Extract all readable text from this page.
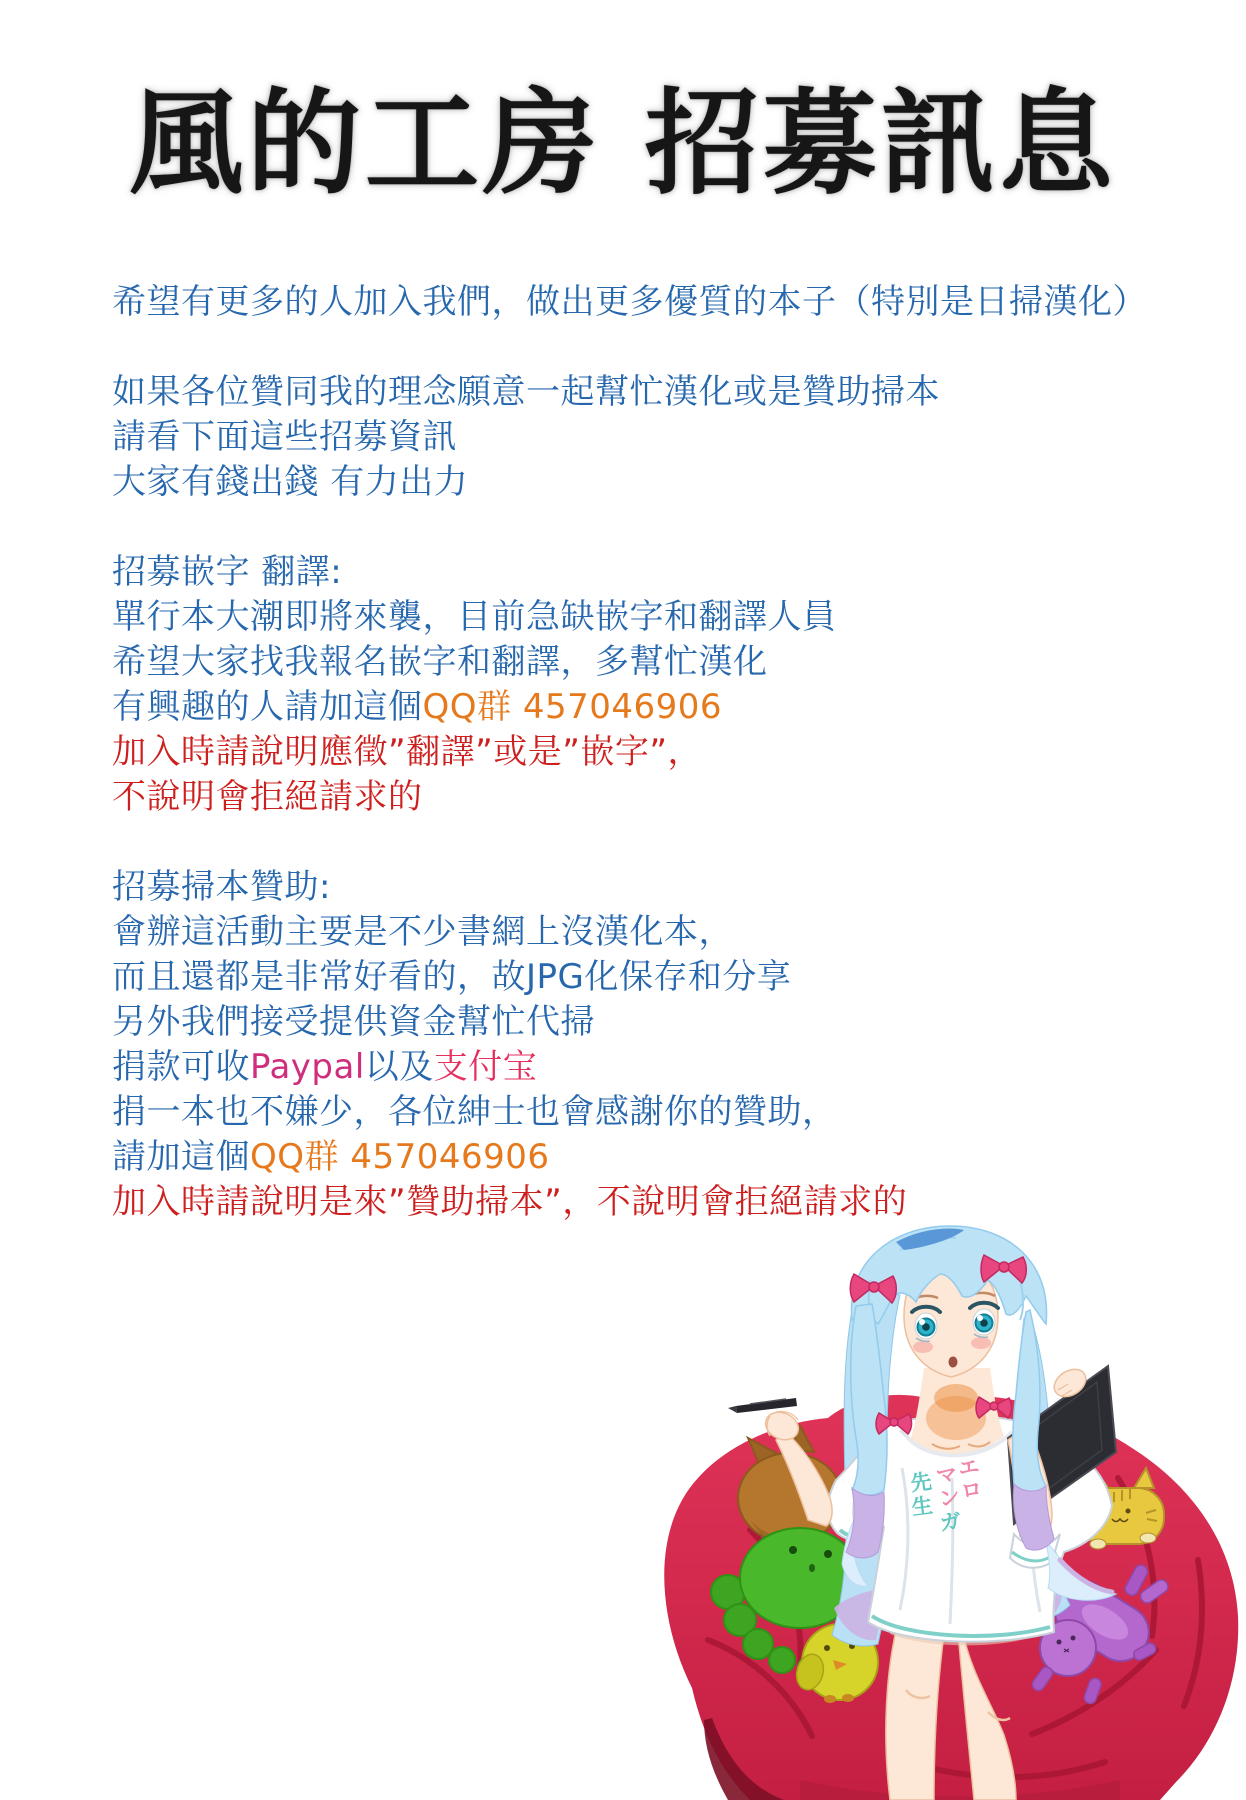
風的工房 招募訊息

希望有更多的人加入我們，做出更多優質的本子（特別是日掃漢化）

如果各位贊同我的理念願意一起幫忙漢化或是贊助掃本

請看下面這些招募資訊

大家有錢出錢 有力出力

招募嵌字 翻譯:

單行本大潮即將來襲，目前急缺嵌字和翻譯人員

希望大家找我報名嵌字和翻譯，多幫忙漢化

有興趣的人請加這個QQ群 457046906

加入時請說明應徵”翻譯”或是”嵌字”，

不說明會拒絕請求的

招募掃本贊助:

會辦這活動主要是不少書網上沒漢化本，

而且還都是非常好看的，故JPG化保存和分享

另外我們接受提供資金幫忙代掃

捐款可收Paypal以及支付宝

捐一本也不嫌少，各位紳士也會感謝你的贊助，

請加這個QQ群 457046906

加入時請說明是來”贊助掃本”，不說明會拒絕請求的

エ
ロ
マ
ン
ガ
先
生
